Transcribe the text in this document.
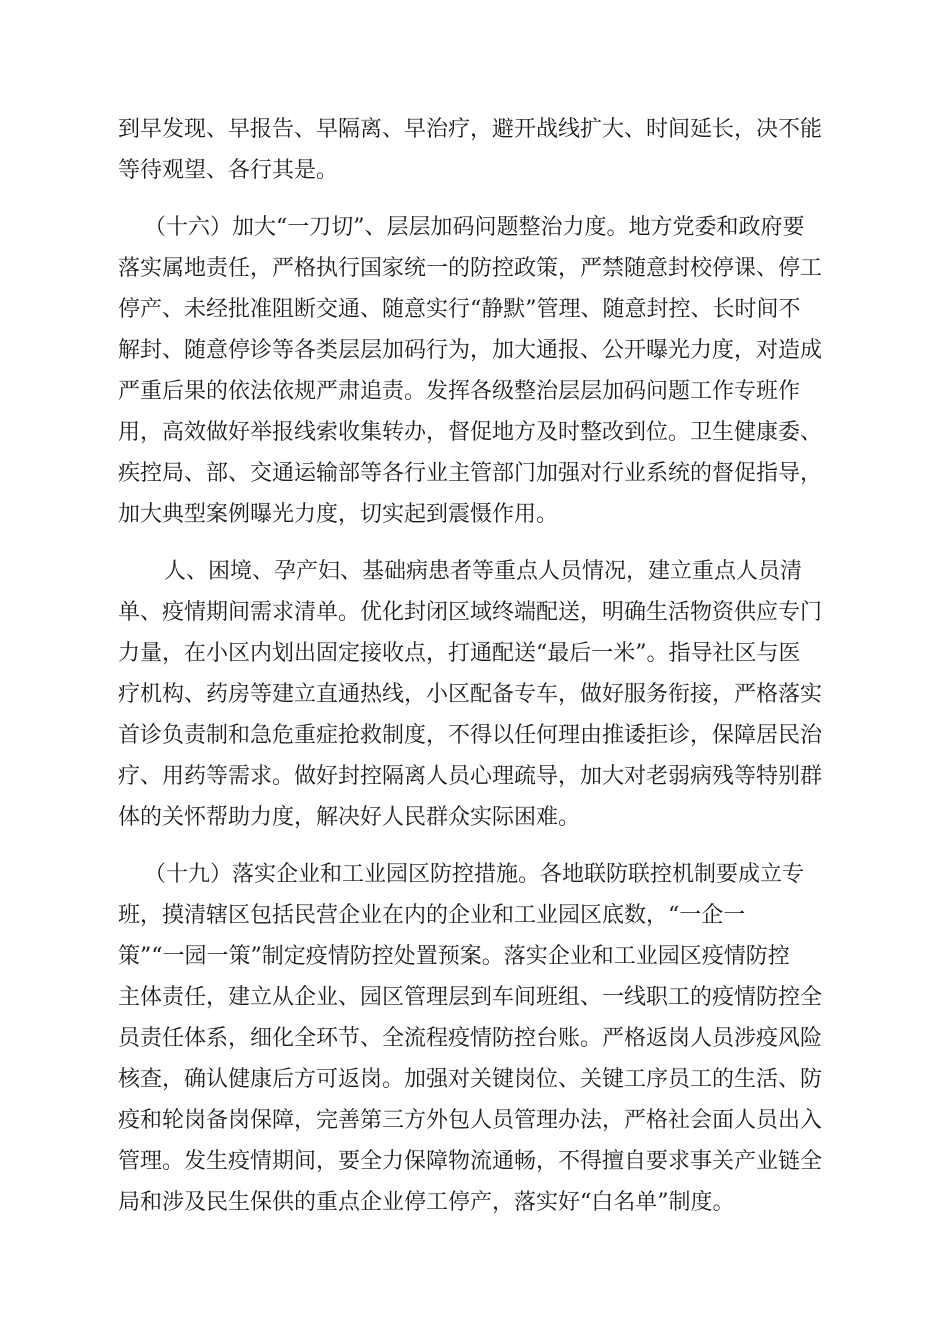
到早发现、早报告、早隔离、早治疗，避开战线扩大、时间延长，决不能
等待观望、各行其是。
（十六）加大“一刀切”、层层加码问题整治力度。地方党委和政府要
落实属地责任，严格执行国家统一的防控政策，严禁随意封校停课、停工
停产、未经批准阻断交通、随意实行“静默”管理、随意封控、长时间不
解封、随意停诊等各类层层加码行为，加大通报、公开曝光力度，对造成
严重后果的依法依规严肃追责。发挥各级整治层层加码问题工作专班作
用，高效做好举报线索收集转办，督促地方及时整改到位。卫生健康委、
疾控局、部、交通运输部等各行业主管部门加强对行业系统的督促指导，
加大典型案例曝光力度，切实起到震慑作用。
人、困境、孕产妇、基础病患者等重点人员情况，建立重点人员清
单、疫情期间需求清单。优化封闭区域终端配送，明确生活物资供应专门
力量，在小区内划出固定接收点，打通配送“最后一米”。指导社区与医
疗机构、药房等建立直通热线，小区配备专车，做好服务衔接，严格落实
首诊负责制和急危重症抢救制度，不得以任何理由推诿拒诊，保障居民治
疗、用药等需求。做好封控隔离人员心理疏导，加大对老弱病残等特别群
体的关怀帮助力度，解决好人民群众实际困难。
（十九）落实企业和工业园区防控措施。各地联防联控机制要成立专
班，摸清辖区包括民营企业在内的企业和工业园区底数，“一企一
策”“一园一策”制定疫情防控处置预案。落实企业和工业园区疫情防控
主体责任，建立从企业、园区管理层到车间班组、一线职工的疫情防控全
员责任体系，细化全环节、全流程疫情防控台账。严格返岗人员涉疫风险
核查，确认健康后方可返岗。加强对关键岗位、关键工序员工的生活、防
疫和轮岗备岗保障，完善第三方外包人员管理办法，严格社会面人员出入
管理。发生疫情期间，要全力保障物流通畅，不得擅自要求事关产业链全
局和涉及民生保供的重点企业停工停产，落实好“白名单”制度。
